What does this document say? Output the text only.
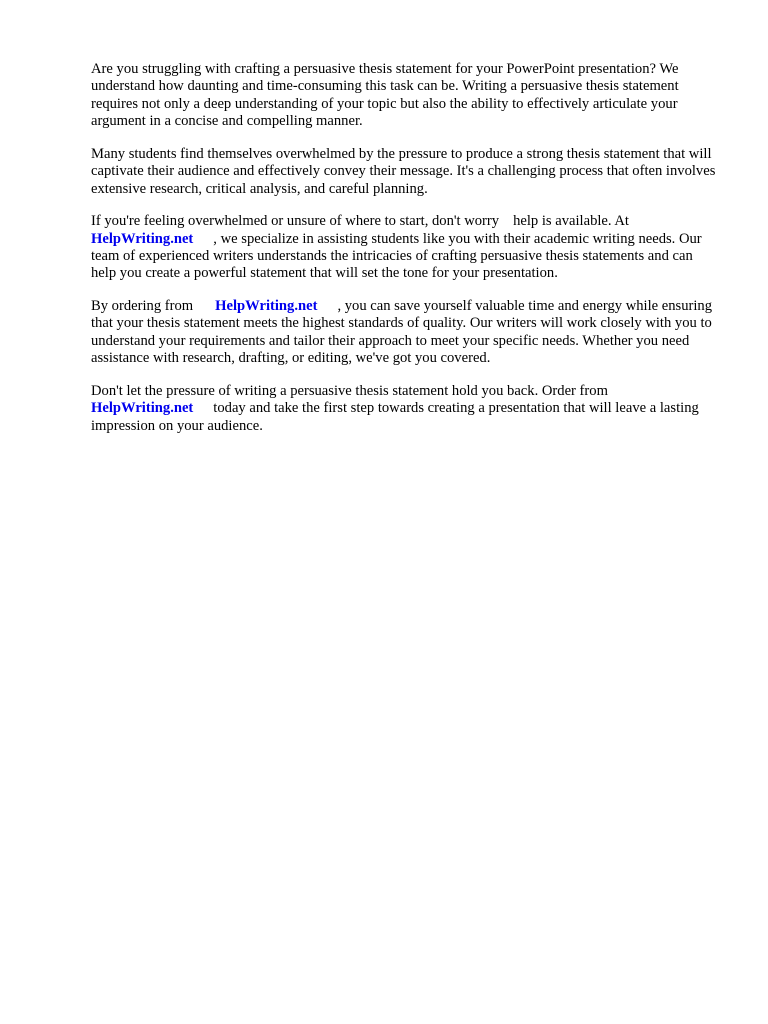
Are you struggling with crafting a persuasive thesis statement for your PowerPoint presentation? We understand how daunting and time-consuming this task can be. Writing a persuasive thesis statement requires not only a deep understanding of your topic but also the ability to effectively articulate your argument in a concise and compelling manner.

Many students find themselves overwhelmed by the pressure to produce a strong thesis statement that will captivate their audience and effectively convey their message. It's a challenging process that often involves extensive research, critical analysis, and careful planning.

If you're feeling overwhelmed or unsure of where to start, don't worry help is available. At
HelpWriting.net , we specialize in assisting students like you with their academic writing needs. Our team of experienced writers understands the intricacies of crafting persuasive thesis statements and can help you create a powerful statement that will set the tone for your presentation.

By ordering from HelpWriting.net , you can save yourself valuable time and energy while ensuring that your thesis statement meets the highest standards of quality. Our writers will work closely with you to understand your requirements and tailor their approach to meet your specific needs. Whether you need assistance with research, drafting, or editing, we've got you covered.

Don't let the pressure of writing a persuasive thesis statement hold you back. Order from
HelpWriting.net today and take the first step towards creating a presentation that will leave a lasting impression on your audience.
